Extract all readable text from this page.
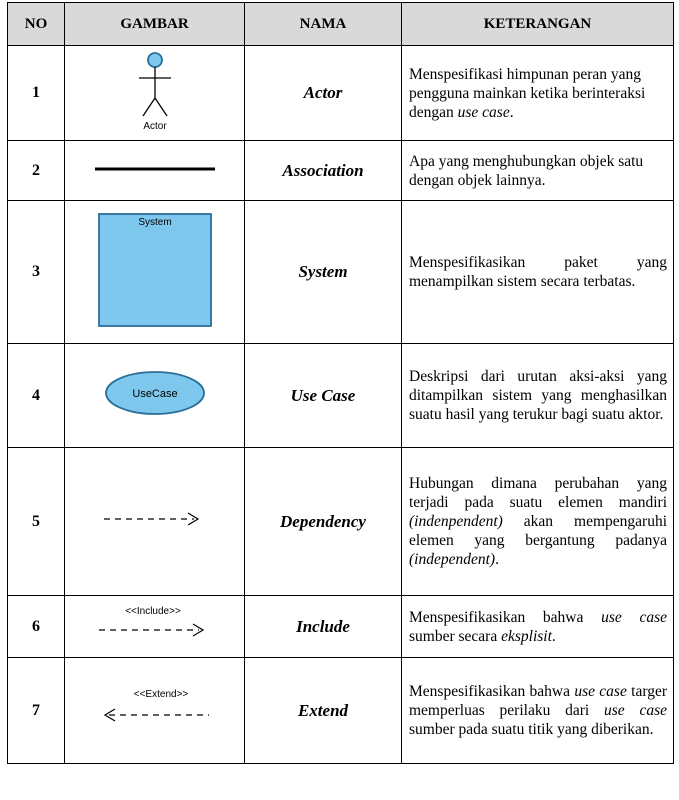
NO	GAMBAR	NAMA	KETERANGAN
1	Actor	Actor	Menspesifikasi himpunan peran yang pengguna mainkan ketika berinteraksi dengan use case.
2		Association	Apa yang menghubungkan objek satu dengan objek lainnya.
3	System	System	Menspesifikasikan paket yang menampilkan sistem secara terbatas.
4	UseCase	Use Case	Deskripsi dari urutan aksi-aksi yang ditampilkan sistem yang menghasilkan suatu hasil yang terukur bagi suatu aktor.
5		Dependency	Hubungan dimana perubahan yang terjadi pada suatu elemen mandiri (indenpendent) akan mempengaruhi elemen yang bergantung padanya (independent).
6	<<Include>>	Include	Menspesifikasikan bahwa use case sumber secara eksplisit.
7	<<Extend>>	Extend	Menspesifikasikan bahwa use case targer memperluas perilaku dari use case sumber pada suatu titik yang diberikan.
